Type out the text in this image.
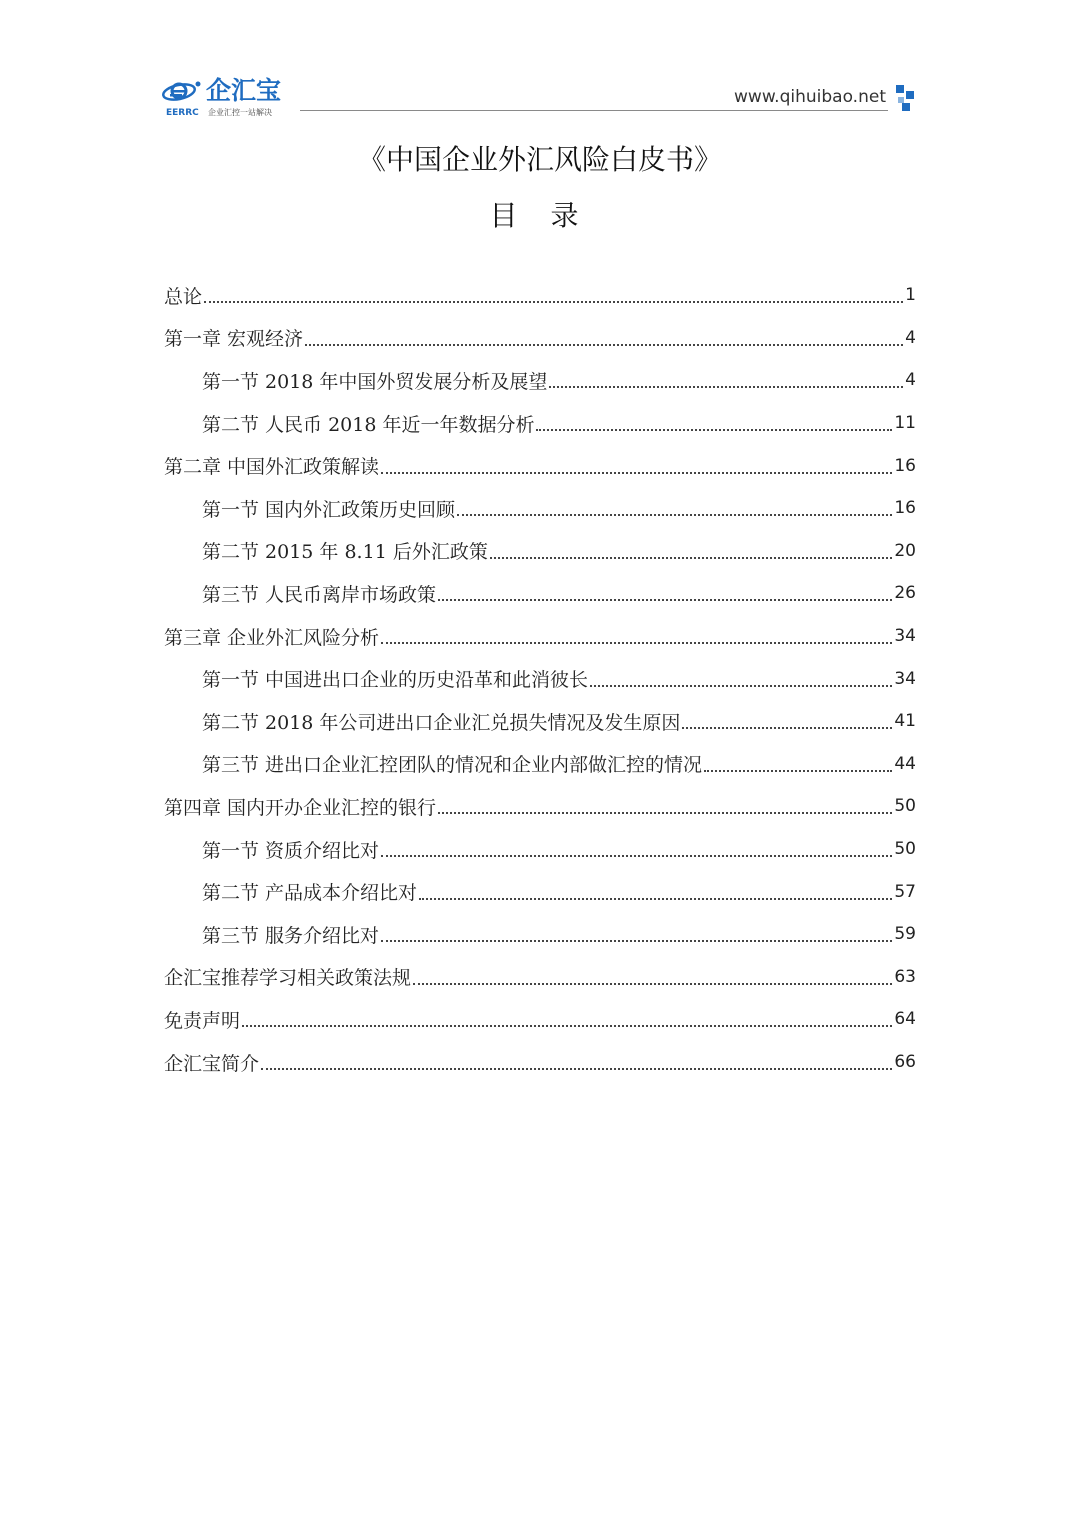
企汇宝
EERRC 企业汇控一站解决
www.qihuibao.net
《中国企业外汇风险白皮书》
目 录
总论	1
第一章 宏观经济	4
第一节 2018 年中国外贸发展分析及展望	4
第二节 人民币 2018 年近一年数据分析	11
第二章 中国外汇政策解读	16
第一节 国内外汇政策历史回顾	16
第二节 2015 年 8.11 后外汇政策	20
第三节 人民币离岸市场政策	26
第三章 企业外汇风险分析	34
第一节 中国进出口企业的历史沿革和此消彼长	34
第二节 2018 年公司进出口企业汇兑损失情况及发生原因	41
第三节 进出口企业汇控团队的情况和企业内部做汇控的情况	44
第四章 国内开办企业汇控的银行	50
第一节 资质介绍比对	50
第二节 产品成本介绍比对	57
第三节 服务介绍比对	59
企汇宝推荐学习相关政策法规	63
免责声明	64
企汇宝简介	66
